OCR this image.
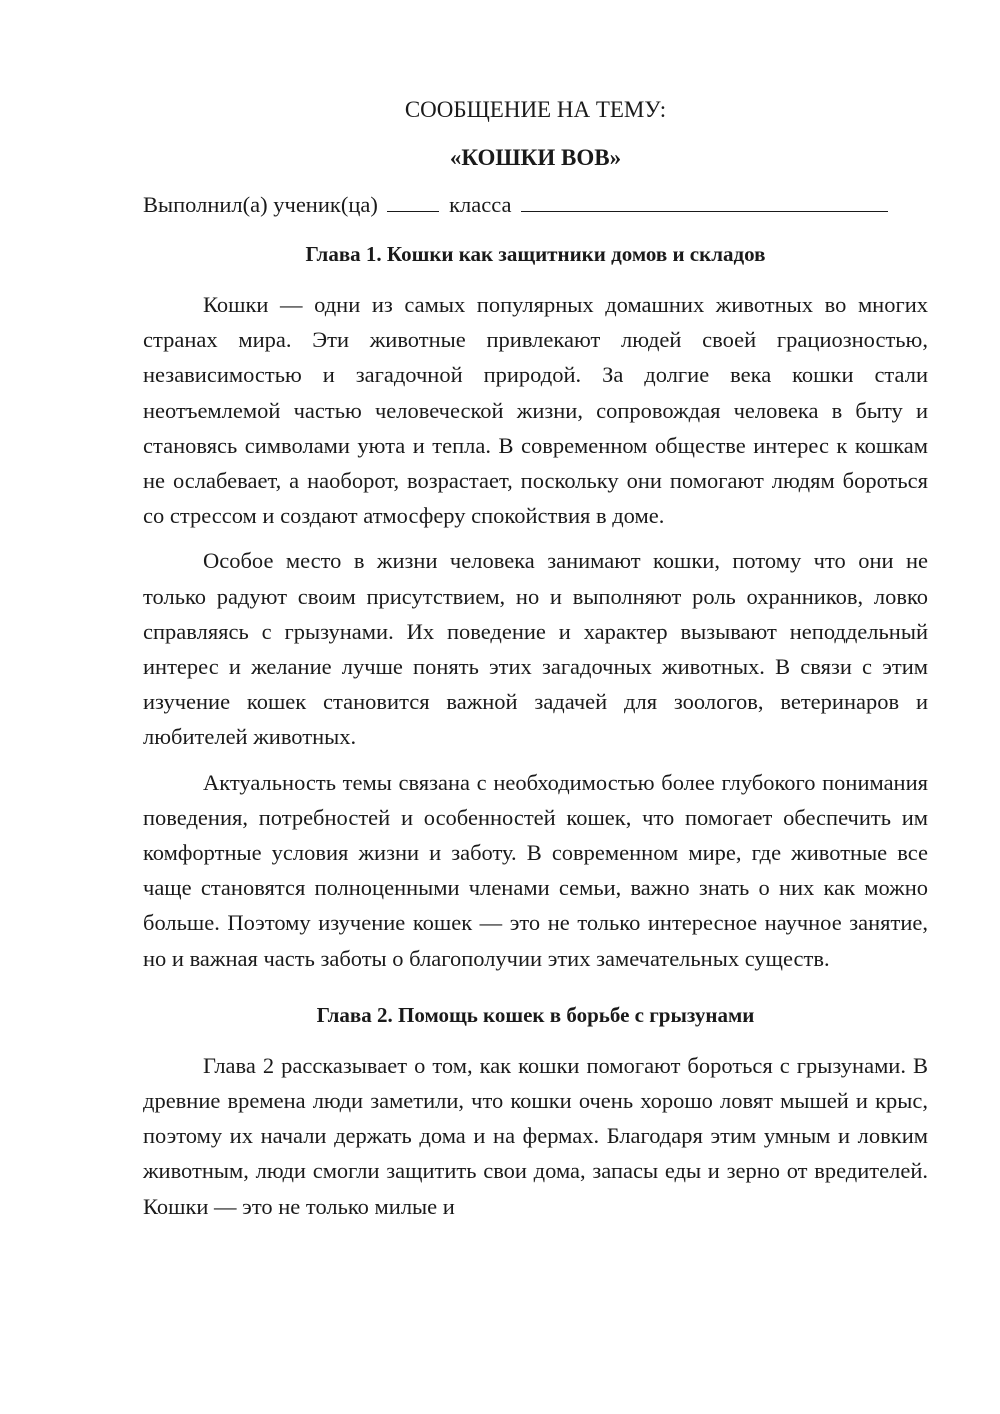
СООБЩЕНИЕ НА ТЕМУ:

«КОШКИ ВОВ»

Выполнил(а) ученик(ца)	класса
Глава 1. Кошки как защитники домов и складов

Кошки — одни из самых популярных домашних животных во многих странах мира. Эти животные привлекают людей своей грациозностью, независимостью и загадочной природой. За долгие века кошки стали неотъемлемой частью человеческой жизни, сопровождая человека в быту и становясь символами уюта и тепла. В современном обществе интерес к кошкам не ослабевает, а наоборот, возрастает, поскольку они помогают людям бороться со стрессом и создают атмосферу спокойствия в доме.

Особое место в жизни человека занимают кошки, потому что они не только радуют своим присутствием, но и выполняют роль охранников, ловко справляясь с грызунами. Их поведение и характер вызывают неподдельный интерес и желание лучше понять этих загадочных животных. В связи с этим изучение кошек становится важной задачей для зоологов, ветеринаров и любителей животных.

Актуальность темы связана с необходимостью более глубокого понимания поведения, потребностей и особенностей кошек, что помогает обеспечить им комфортные условия жизни и заботу. В современном мире, где животные все чаще становятся полноценными членами семьи, важно знать о них как можно больше. Поэтому изучение кошек — это не только интересное научное занятие, но и важная часть заботы о благополучии этих замечательных существ.

Глава 2. Помощь кошек в борьбе с грызунами

Глава 2 рассказывает о том, как кошки помогают бороться с грызунами. В древние времена люди заметили, что кошки очень хорошо ловят мышей и крыс, поэтому их начали держать дома и на фермах. Благодаря этим умным и ловким животным, люди смогли защитить свои дома, запасы еды и зерно от вредителей. Кошки — это не только милые и
